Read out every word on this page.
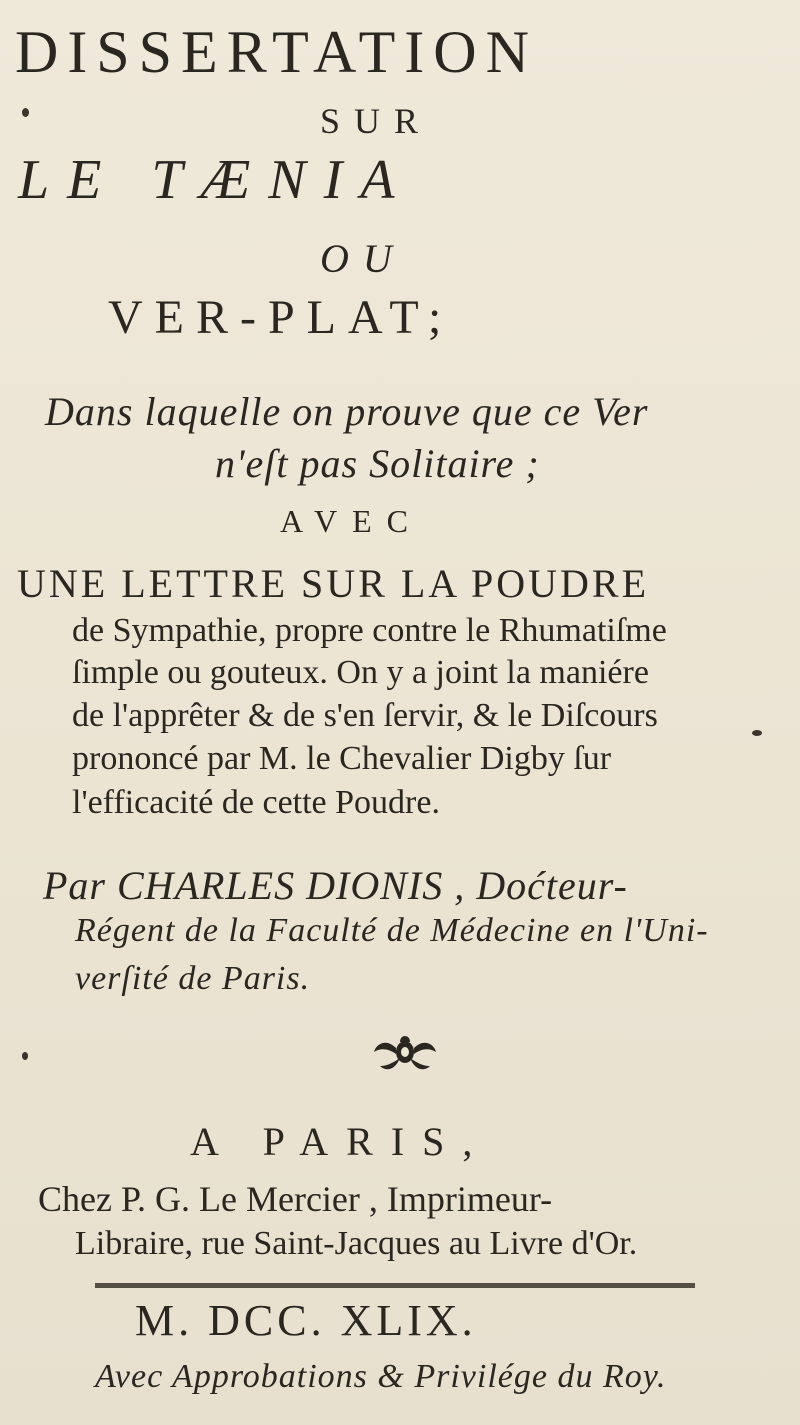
DISSERTATION
SUR
LE TÆNIA
OU
VER-PLAT;
Dans laquelle on prouve que ce Ver
n'eſt pas Solitaire ;
AVEC
UNE LETTRE SUR LA POUDRE
de Sympathie, propre contre le Rhumatiſme
ſimple ou gouteux. On y a joint la maniére
de l'apprêter & de s'en ſervir, & le Diſcours
prononcé par M. le Chevalier Digby ſur
l'efficacité de cette Poudre.
Par CHARLES DIONIS , Doćteur-
Régent de la Faculté de Médecine en l'Uni-
verſité de Paris.
A PARIS,
Chez P. G. Le Mercier , Imprimeur-
Libraire, rue Saint-Jacques au Livre d'Or.
M. DCC. XLIX.
Avec Approbations & Privilége du Roy.
